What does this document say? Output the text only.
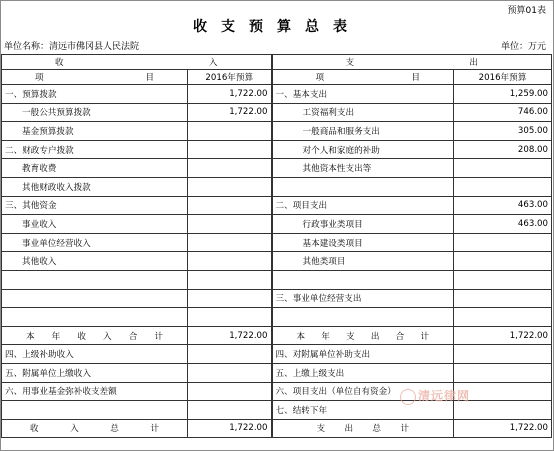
预算01表
收支预算总表
单位名称：清远市佛冈县人民法院	单位：万元
收 入		支 出	

项 目	2016年预算	项 目	2016年预算
一、预算拨款	1,722.00	一、基本支出	1,259.00
一般公共预算拨款	1,722.00	工资福利支出	746.00
基金预算拨款		一般商品和服务支出	305.00
二、财政专户拨款		对个人和家庭的补助	208.00
教育收费		其他资本性支出等	
其他财政收入拨款			
三、其他资金		二、项目支出	463.00
事业收入		行政事业类项目	463.00
事业单位经营收入		基本建设类项目	
其他收入		其他类项目	

		三、事业单位经营支出	

本年收入合计	1,722.00	本年支出合计	1,722.00
四、上级补助收入		四、对附属单位补助支出	
五、附属单位上缴收入		五、上缴上级支出	
六、用事业基金弥补收支差额		六、项目支出（单位自有资金）	
		七、结转下年	

收入总计	1,722.00	支出总计	1,722.00
清远律网
